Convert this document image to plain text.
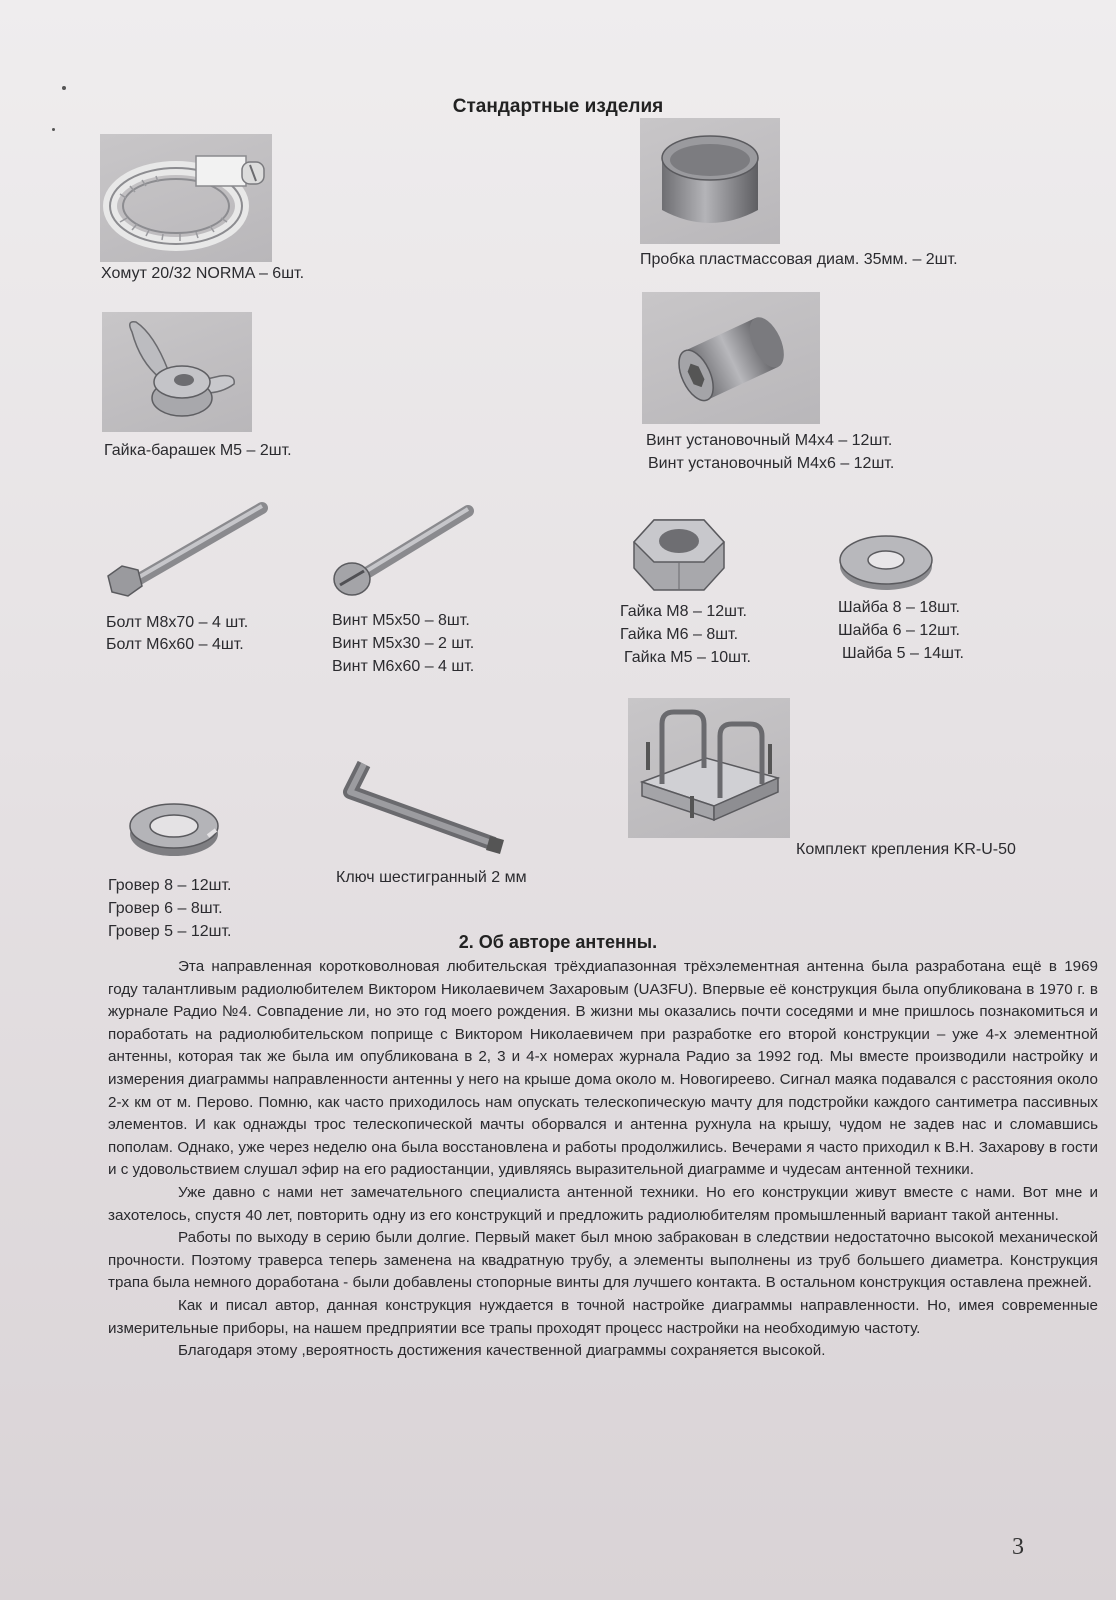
Стандартные изделия
Хомут 20/32 NORMA – 6шт.
Пробка пластмассовая диам. 35мм. – 2шт.
Гайка-барашек М5 – 2шт.
Винт установочный М4х4 – 12шт.
Винт установочный М4х6 – 12шт.
Болт М8х70 – 4 шт.
Болт М6х60 – 4шт.
Винт М5х50 – 8шт.
Винт М5х30 – 2 шт.
Винт М6х60 – 4 шт.
Гайка М8 – 12шт.
Гайка М6 – 8шт.
Гайка М5 – 10шт.
Шайба 8 – 18шт.
Шайба 6 – 12шт.
Шайба 5 – 14шт.
Комплект крепления KR-U-50
Гровер 8 – 12шт.
Гровер 6 – 8шт.
Гровер 5 – 12шт.
Ключ шестигранный 2 мм
2. Об авторе антенны.

Эта направленная коротковолновая любительская трёхдиапазонная трёхэлементная антенна была разработана ещё в 1969 году талантливым радиолюбителем Виктором Николаевичем Захаровым (UA3FU). Впервые её конструкция была опубликована в 1970 г. в журнале Радио №4. Совпадение ли, но это год моего рождения. В жизни мы оказались почти соседями и мне пришлось познакомиться и поработать на радиолюбительском поприще с Виктором Николаевичем при разработке его второй конструкции – уже 4-х элементной антенны, которая так же была им опубликована в 2, 3 и 4-х номерах журнала Радио за 1992 год. Мы вместе производили настройку и измерения диаграммы направленности антенны у него на крыше дома около м. Новогиреево. Сигнал маяка подавался с расстояния около 2-х км от м. Перово. Помню, как часто приходилось нам опускать телескопическую мачту для подстройки каждого сантиметра пассивных элементов. И как однажды трос телескопической мачты оборвался и антенна рухнула на крышу, чудом не задев нас и сломавшись пополам. Однако, уже через неделю она была восстановлена и работы продолжились. Вечерами я часто приходил к В.Н. Захарову в гости и с удовольствием слушал эфир на его радиостанции, удивляясь выразительной диаграмме и чудесам антенной техники.

Уже давно с нами нет замечательного специалиста антенной техники. Но его конструкции живут вместе с нами. Вот мне и захотелось, спустя 40 лет, повторить одну из его конструкций и предложить радиолюбителям промышленный вариант такой антенны.

Работы по выходу в серию были долгие. Первый макет был мною забракован в следствии недостаточно высокой механической прочности. Поэтому траверса теперь заменена на квадратную трубу, а элементы выполнены из труб большего диаметра. Конструкция трапа была немного доработана - были добавлены стопорные винты для лучшего контакта. В остальном конструкция оставлена прежней.

Как и писал автор, данная конструкция нуждается в точной настройке диаграммы направленности. Но, имея современные измерительные приборы, на нашем предприятии все трапы проходят процесс настройки на необходимую частоту.

Благодаря этому ,вероятность достижения качественной диаграммы сохраняется высокой.

3
